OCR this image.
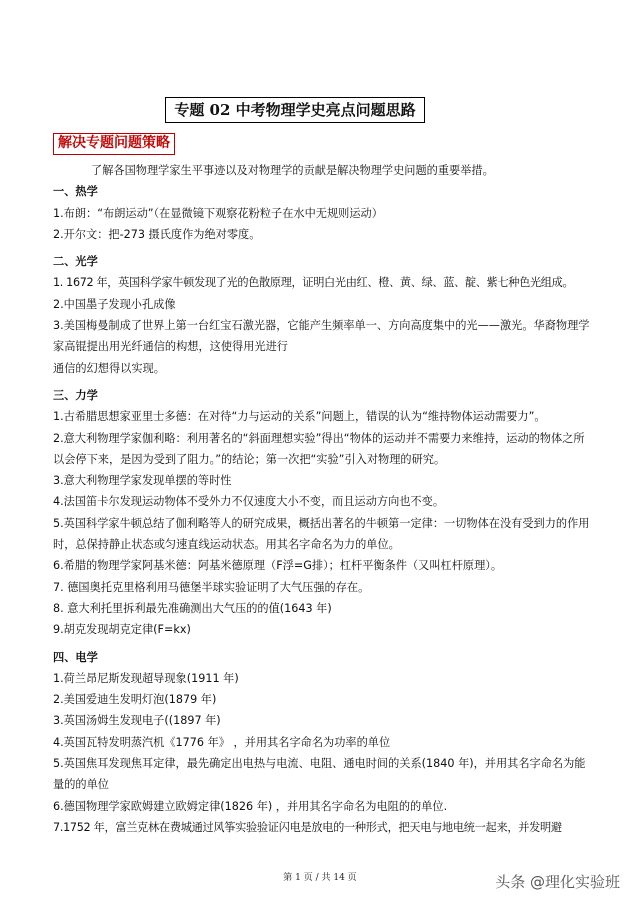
专题 02 中考物理学史亮点问题思路
解决专题问题策略

了解各国物理学家生平事迹以及对物理学的贡献是解决物理学史问题的重要举措。

一、热学

1.布朗：“布朗运动”（在显微镜下观察花粉粒子在水中无规则运动）

2.开尔文：把-273 摄氏度作为绝对零度。

二、光学

1. 1672 年，英国科学家牛顿发现了光的色散原理，证明白光由红、橙、黄、绿、蓝、靛、紫七种色光组成。

2.中国墨子发现小孔成像

3.美国梅曼制成了世界上第一台红宝石激光器，它能产生频率单一、方向高度集中的光——激光。华裔物理学家高锟提出用光纤通信的构想，这使得用光进行

通信的幻想得以实现。

三、力学

1.古希腊思想家亚里士多德：在对待“力与运动的关系”问题上，错误的认为“维持物体运动需要力”。

2.意大利物理学家伽利略：利用著名的“斜面理想实验”得出“物体的运动并不需要力来维持，运动的物体之所以会停下来，是因为受到了阻力。”的结论；第一次把“实验”引入对物理的研究。

3.意大利物理学家发现单摆的等时性

4.法国笛卡尔发现运动物体不受外力不仅速度大小不变，而且运动方向也不变。

5.英国科学家牛顿总结了伽利略等人的研究成果，概括出著名的牛顿第一定律：一切物体在没有受到力的作用时，总保持静止状态或匀速直线运动状态。用其名字命名为力的单位。

6.希腊的物理学家阿基米德：阿基米德原理（F浮=G排）；杠杆平衡条件（又叫杠杆原理）。

7. 德国奥托克里格利用马德堡半球实验证明了大气压强的存在。

8. 意大利托里拆利最先准确测出大气压的的值(1643 年)

9.胡克发现胡克定律(F=kx)

四、电学

1.荷兰昂尼斯发现超导现象(1911 年)

2.美国爱迪生发明灯泡(1879 年)

3.英国汤姆生发现电子((1897 年)

4.英国瓦特发明蒸汽机《1776 年》 ，并用其名字命名为功率的单位

5.英国焦耳发现焦耳定律，最先确定出电热与电流、电阻、通电时间的关系(1840 年)，并用其名字命名为能量的的单位

6.德国物理学家欧姆建立欧姆定律(1826 年) ，并用其名字命名为电阻的的单位.

7.1752 年，富兰克林在费城通过风筝实验验证闪电是放电的一种形式，把天电与地电统一起来，并发明避

第 1 页 / 共 14 页	头条 @理化实验班
